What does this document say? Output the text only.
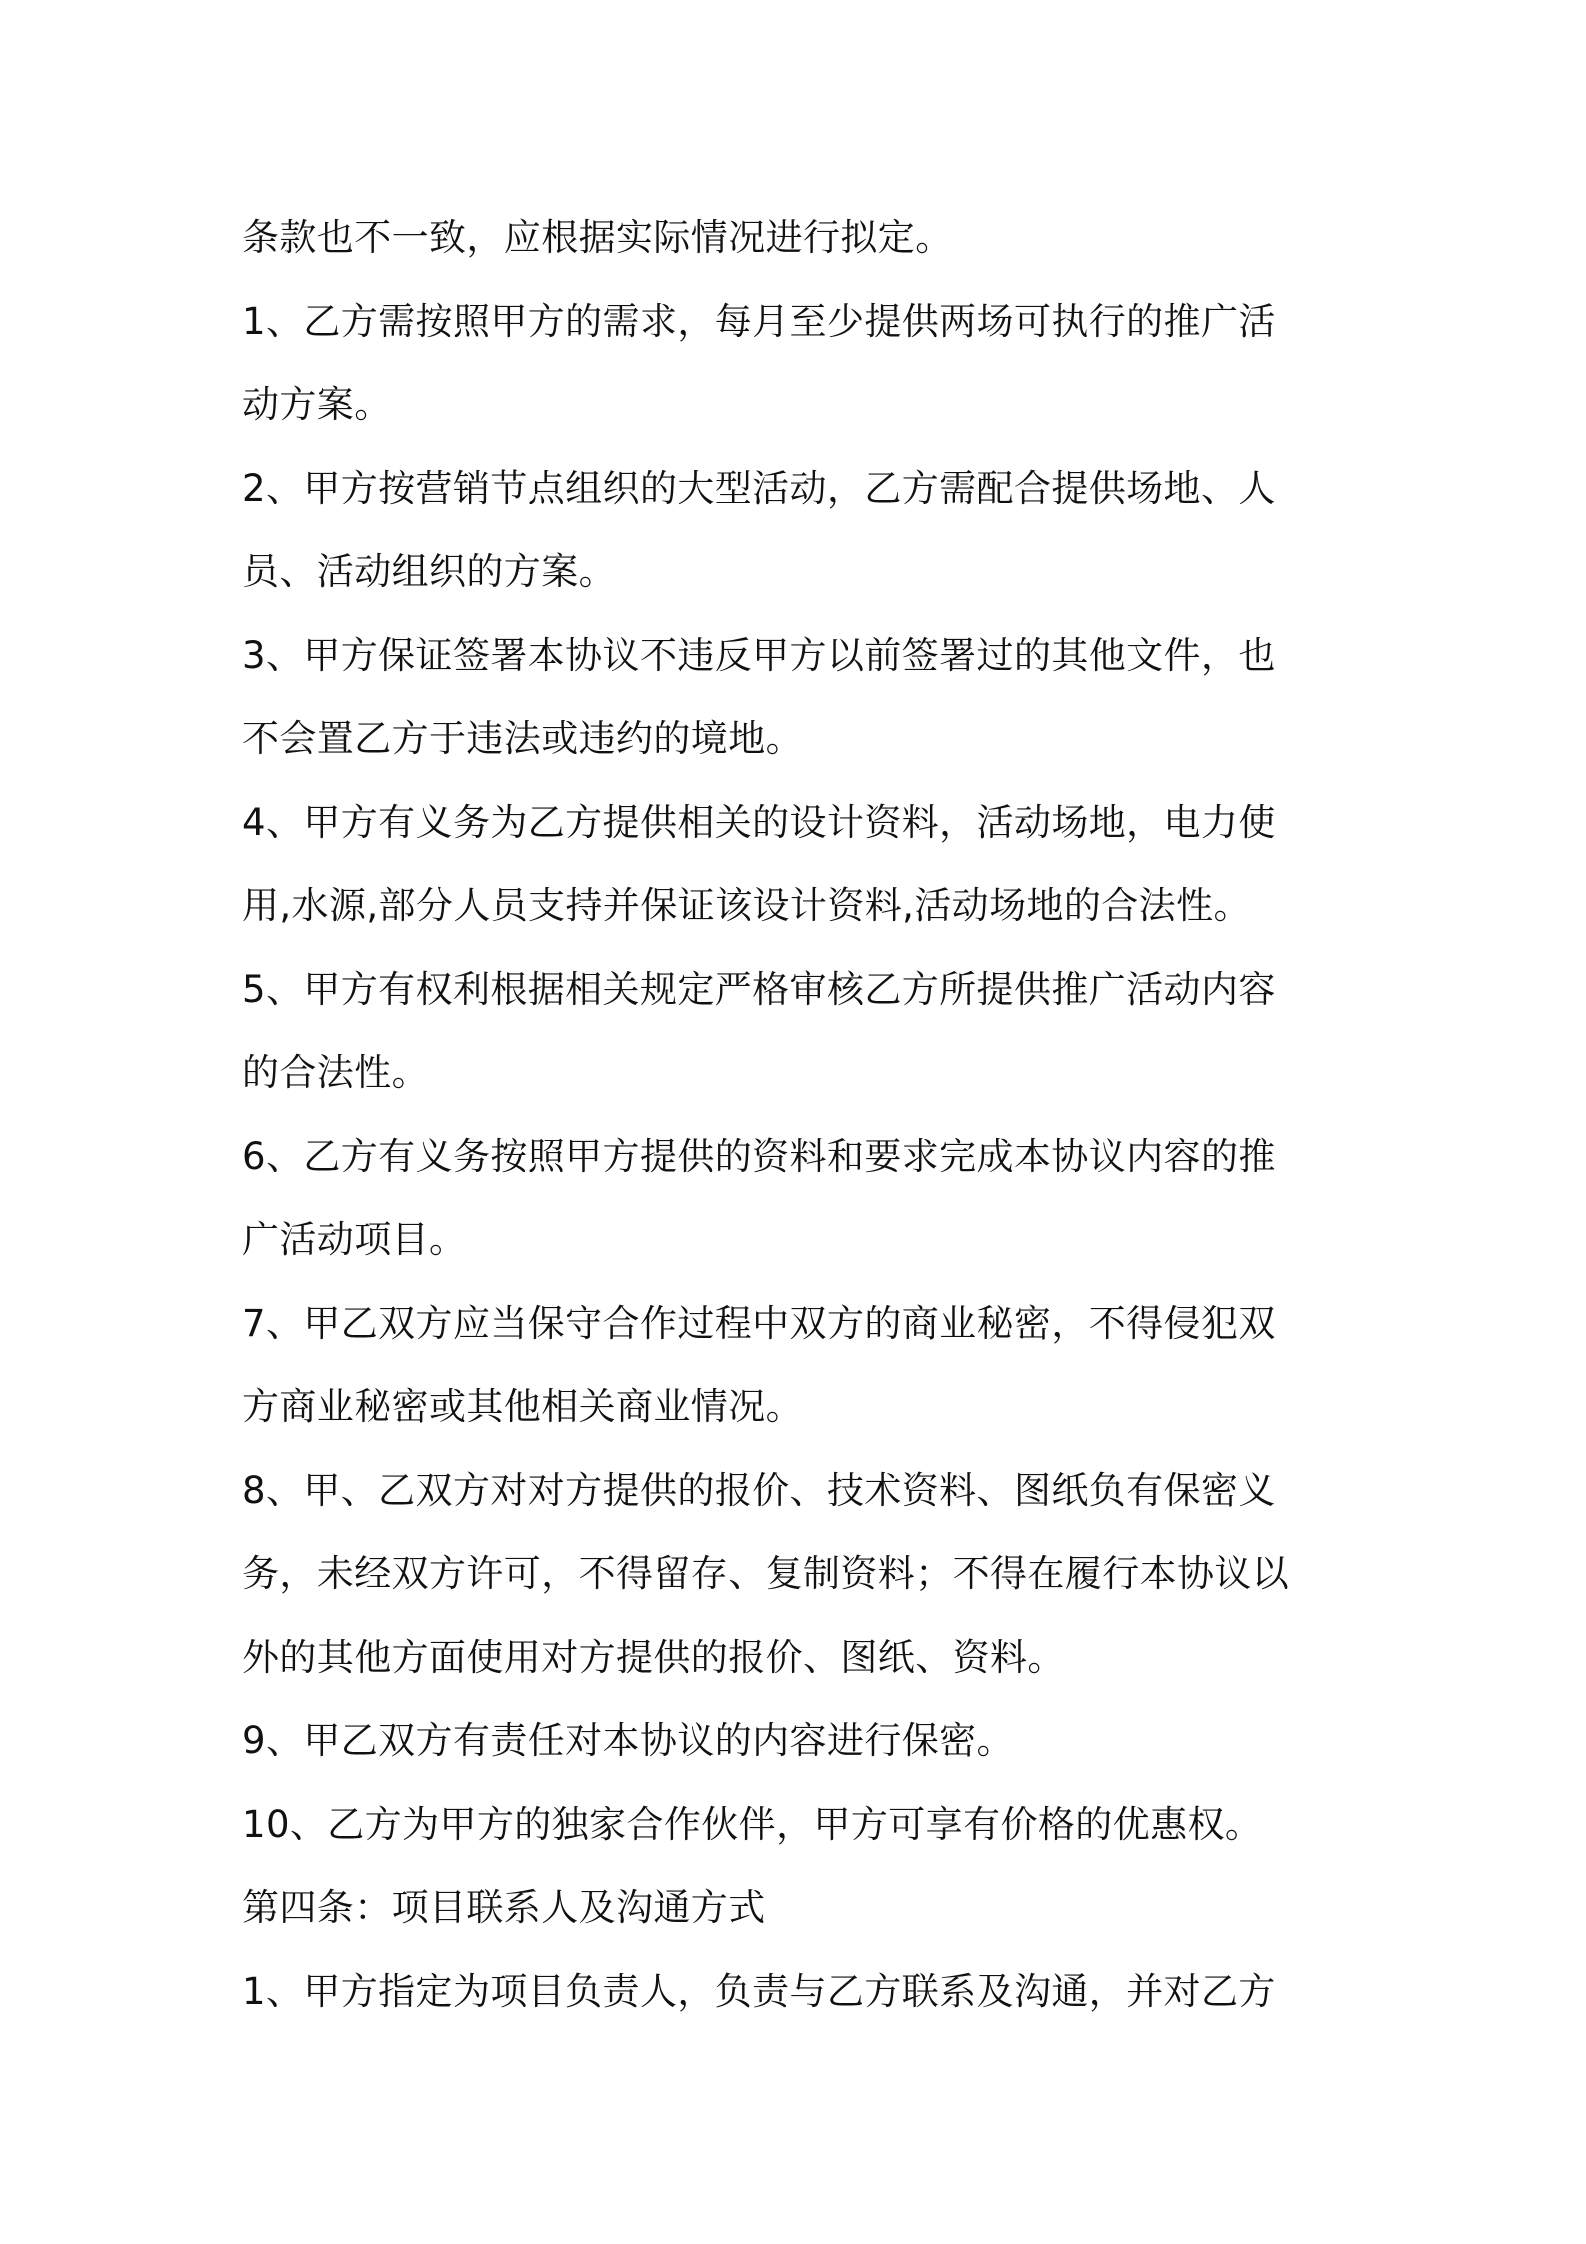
条款也不一致，应根据实际情况进行拟定。
1、乙方需按照甲方的需求，每月至少提供两场可执行的推广活
动方案。
2、甲方按营销节点组织的大型活动，乙方需配合提供场地、人
员、活动组织的方案。
3、甲方保证签署本协议不违反甲方以前签署过的其他文件，也
不会置乙方于违法或违约的境地。
4、甲方有义务为乙方提供相关的设计资料，活动场地，电力使
用,水源,部分人员支持并保证该设计资料,活动场地的合法性。
5、甲方有权利根据相关规定严格审核乙方所提供推广活动内容
的合法性。
6、乙方有义务按照甲方提供的资料和要求完成本协议内容的推
广活动项目。
7、甲乙双方应当保守合作过程中双方的商业秘密，不得侵犯双
方商业秘密或其他相关商业情况。
8、甲、乙双方对对方提供的报价、技术资料、图纸负有保密义
务，未经双方许可，不得留存、复制资料；不得在履行本协议以
外的其他方面使用对方提供的报价、图纸、资料。
9、甲乙双方有责任对本协议的内容进行保密。
10、乙方为甲方的独家合作伙伴，甲方可享有价格的优惠权。
第四条：项目联系人及沟通方式
1、甲方指定为项目负责人，负责与乙方联系及沟通，并对乙方
